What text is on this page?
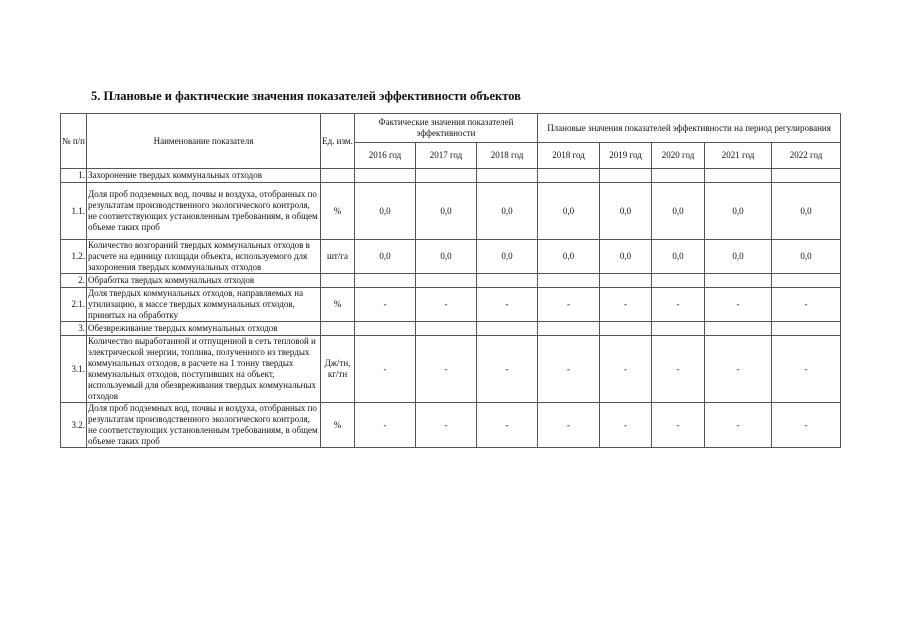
5. Плановые и фактические значения показателей эффективности объектов
№ п/п	Наименование показателя	Ед. изм.	Фактические значения показателей эффективности			Плановые значения показателей эффективности на период регулирования				
			2016 год	2017 год	2018 год	2018 год	2019 год	2020 год	2021 год	2022 год
1.	Захоронение твердых коммунальных отходов									
1.1.	Доля проб подземных вод, почвы и воздуха, отобранных по результатам производственного экологического контроля, не соответствующих установленным требованиям, в общем объеме таких проб	%	0,0	0,0	0,0	0,0	0,0	0,0	0,0	0,0
1.2.	Количество возгораний твердых коммунальных отходов в расчете на единицу площади объекта, используемого для захоронения твердых коммунальных отходов	шт/га	0,0	0,0	0,0	0,0	0,0	0,0	0,0	0,0
2.	Обработка твердых коммунальных отходов									
2.1.	Доля твердых коммунальных отходов, направляемых на утилизацию, в массе твердых коммунальных отходов, принятых на обработку	%	-	-	-	-	-	-	-	-
3.	Обезвреживание твердых коммунальных отходов									
3.1.	Количество выработанной и отпущенной в сеть тепловой и электрической энергии, топлива, полученного из твердых коммунальных отходов, в расчете на 1 тонну твердых коммунальных отходов, поступивших на объект, используемый для обезвреживания твердых коммунальных отходов	Дж/тн, кг/тн	-	-	-	-	-	-	-	-
3.2.	Доля проб подземных вод, почвы и воздуха, отобранных по результатам производственного экологического контроля, не соответствующих установленным требованиям, в общем объеме таких проб	%	-	-	-	-	-	-	-	-
